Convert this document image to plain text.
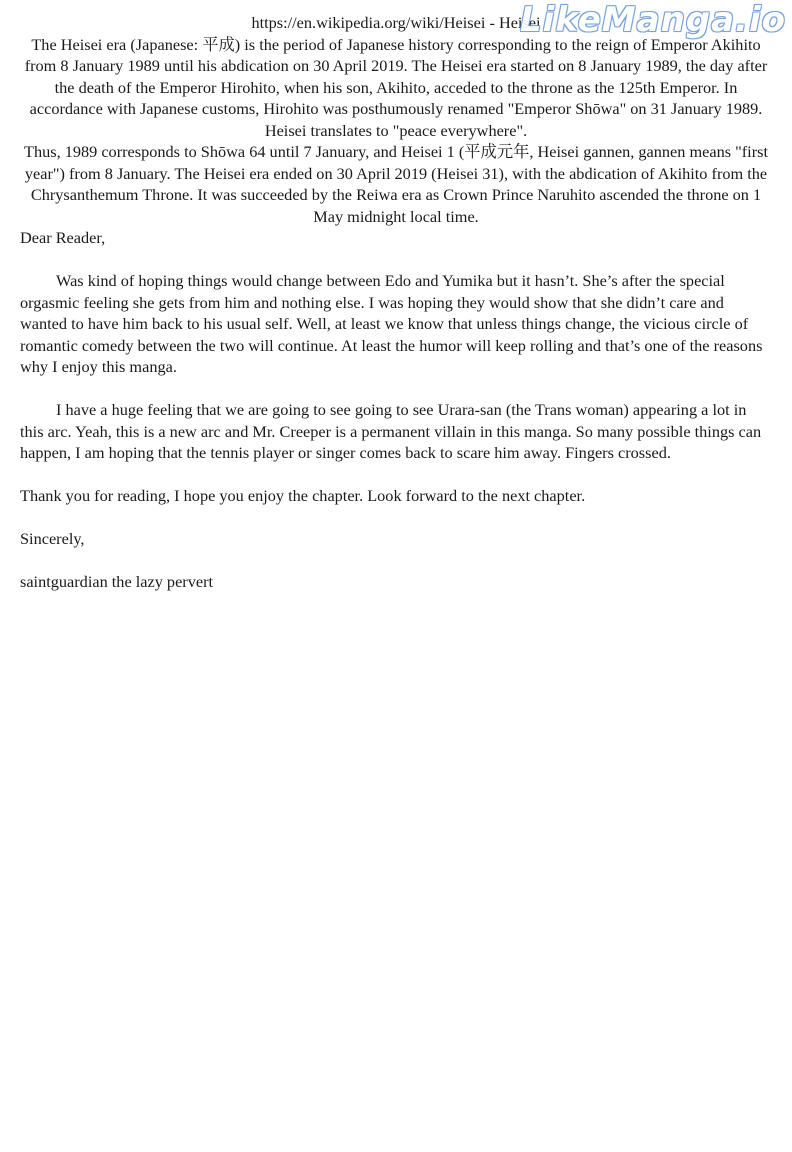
LikeManga.io

https://en.wikipedia.org/wiki/Heisei - Heisei

The Heisei era (Japanese: 平成) is the period of Japanese history corresponding to the reign of Emperor Akihito from 8 January 1989 until his abdication on 30 April 2019. The Heisei era started on 8 January 1989, the day after the death of the Emperor Hirohito, when his son, Akihito, acceded to the throne as the 125th Emperor. In accordance with Japanese customs, Hirohito was posthumously renamed "Emperor Shōwa" on 31 January 1989. Heisei translates to "peace everywhere".

Thus, 1989 corresponds to Shōwa 64 until 7 January, and Heisei 1 (平成元年, Heisei gannen, gannen means "first year") from 8 January. The Heisei era ended on 30 April 2019 (Heisei 31), with the abdication of Akihito from the Chrysanthemum Throne. It was succeeded by the Reiwa era as Crown Prince Naruhito ascended the throne on 1 May midnight local time.

Dear Reader,

Was kind of hoping things would change between Edo and Yumika but it hasn’t. She’s after the special orgasmic feeling she gets from him and nothing else. I was hoping they would show that she didn’t care and wanted to have him back to his usual self. Well, at least we know that unless things change, the vicious circle of romantic comedy between the two will continue. At least the humor will keep rolling and that’s one of the reasons why I enjoy this manga.

I have a huge feeling that we are going to see going to see Urara-san (the Trans woman) appearing a lot in this arc. Yeah, this is a new arc and Mr. Creeper is a permanent villain in this manga. So many possible things can happen, I am hoping that the tennis player or singer comes back to scare him away. Fingers crossed.

Thank you for reading, I hope you enjoy the chapter. Look forward to the next chapter.

Sincerely,

saintguardian the lazy pervert
